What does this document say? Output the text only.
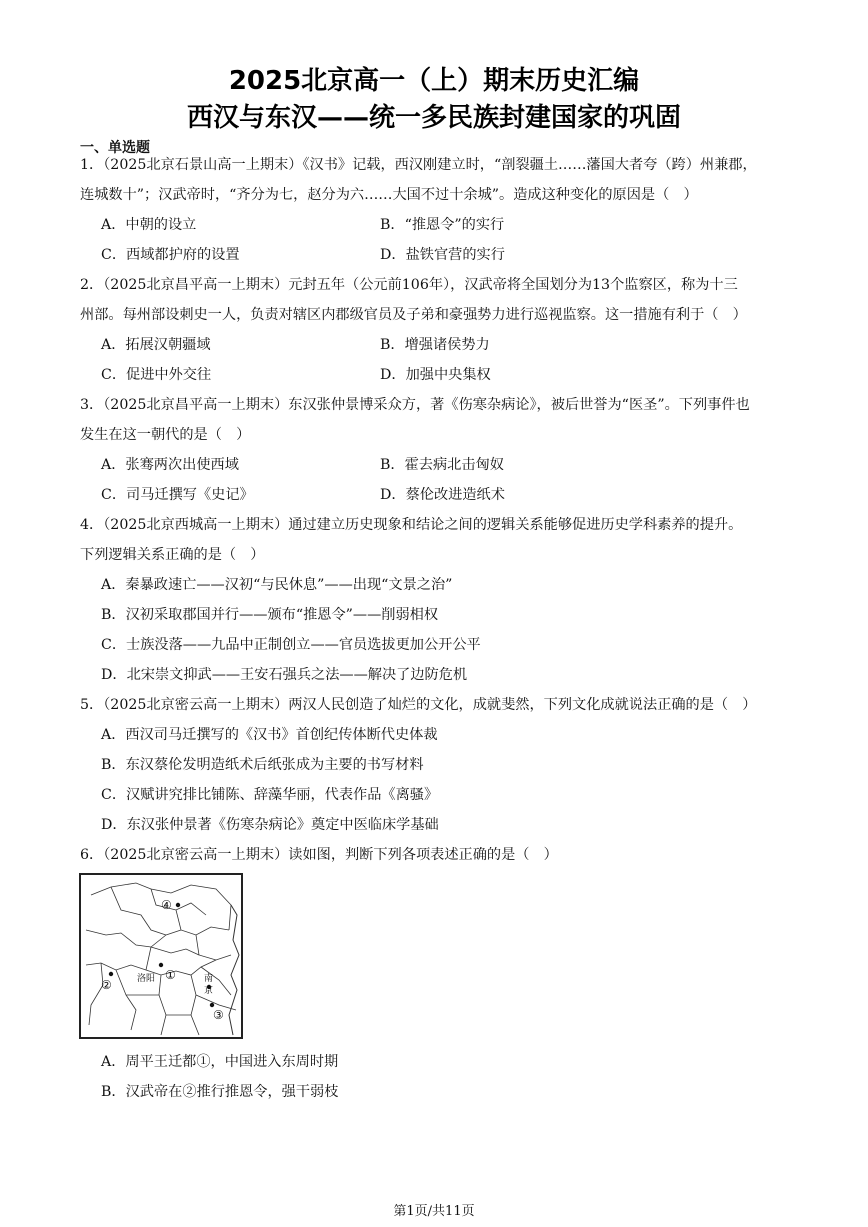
2025北京高一（上）期末历史汇编
西汉与东汉——统一多民族封建国家的巩固
一、单选题
1．（2025北京石景山高一上期末）《汉书》记载，西汉刚建立时，“剖裂疆土……藩国大者夸（跨）州兼郡，
连城数十”；汉武帝时，“齐分为七，赵分为六……大国不过十余城”。造成这种变化的原因是（　）
A．中朝的设立	B．“推恩令”的实行
C．西域都护府的设置	D．盐铁官营的实行
2．（2025北京昌平高一上期末）元封五年（公元前106年），汉武帝将全国划分为13个监察区，称为十三
州部。每州部设刺史一人，负责对辖区内郡级官员及子弟和豪强势力进行巡视监察。这一措施有利于（　）
A．拓展汉朝疆域	B．增强诸侯势力
C．促进中外交往	D．加强中央集权
3．（2025北京昌平高一上期末）东汉张仲景博采众方，著《伤寒杂病论》，被后世誉为“医圣”。下列事件也
发生在这一朝代的是（　）
A．张骞两次出使西域	B．霍去病北击匈奴
C．司马迁撰写《史记》	D．蔡伦改进造纸术
4．（2025北京西城高一上期末）通过建立历史现象和结论之间的逻辑关系能够促进历史学科素养的提升。
下列逻辑关系正确的是（　）
A．秦暴政速亡——汉初“与民休息”——出现“文景之治”
B．汉初采取郡国并行——颁布“推恩令”——削弱相权
C．士族没落——九品中正制创立——官员选拔更加公开公平
D．北宋崇文抑武——王安石强兵之法——解决了边防危机
5．（2025北京密云高一上期末）两汉人民创造了灿烂的文化，成就斐然，下列文化成就说法正确的是（　）
A．西汉司马迁撰写的《汉书》首创纪传体断代史体裁
B．东汉蔡伦发明造纸术后纸张成为主要的书写材料
C．汉赋讲究排比铺陈、辞藻华丽，代表作品《离骚》
D．东汉张仲景著《伤寒杂病论》奠定中医临床学基础
6．（2025北京密云高一上期末）读如图，判断下列各项表述正确的是（　）
④
②
①
③
洛阳	南
京
A．周平王迁都①，中国进入东周时期
B．汉武帝在②推行推恩令，强干弱枝
第1页/共11页
